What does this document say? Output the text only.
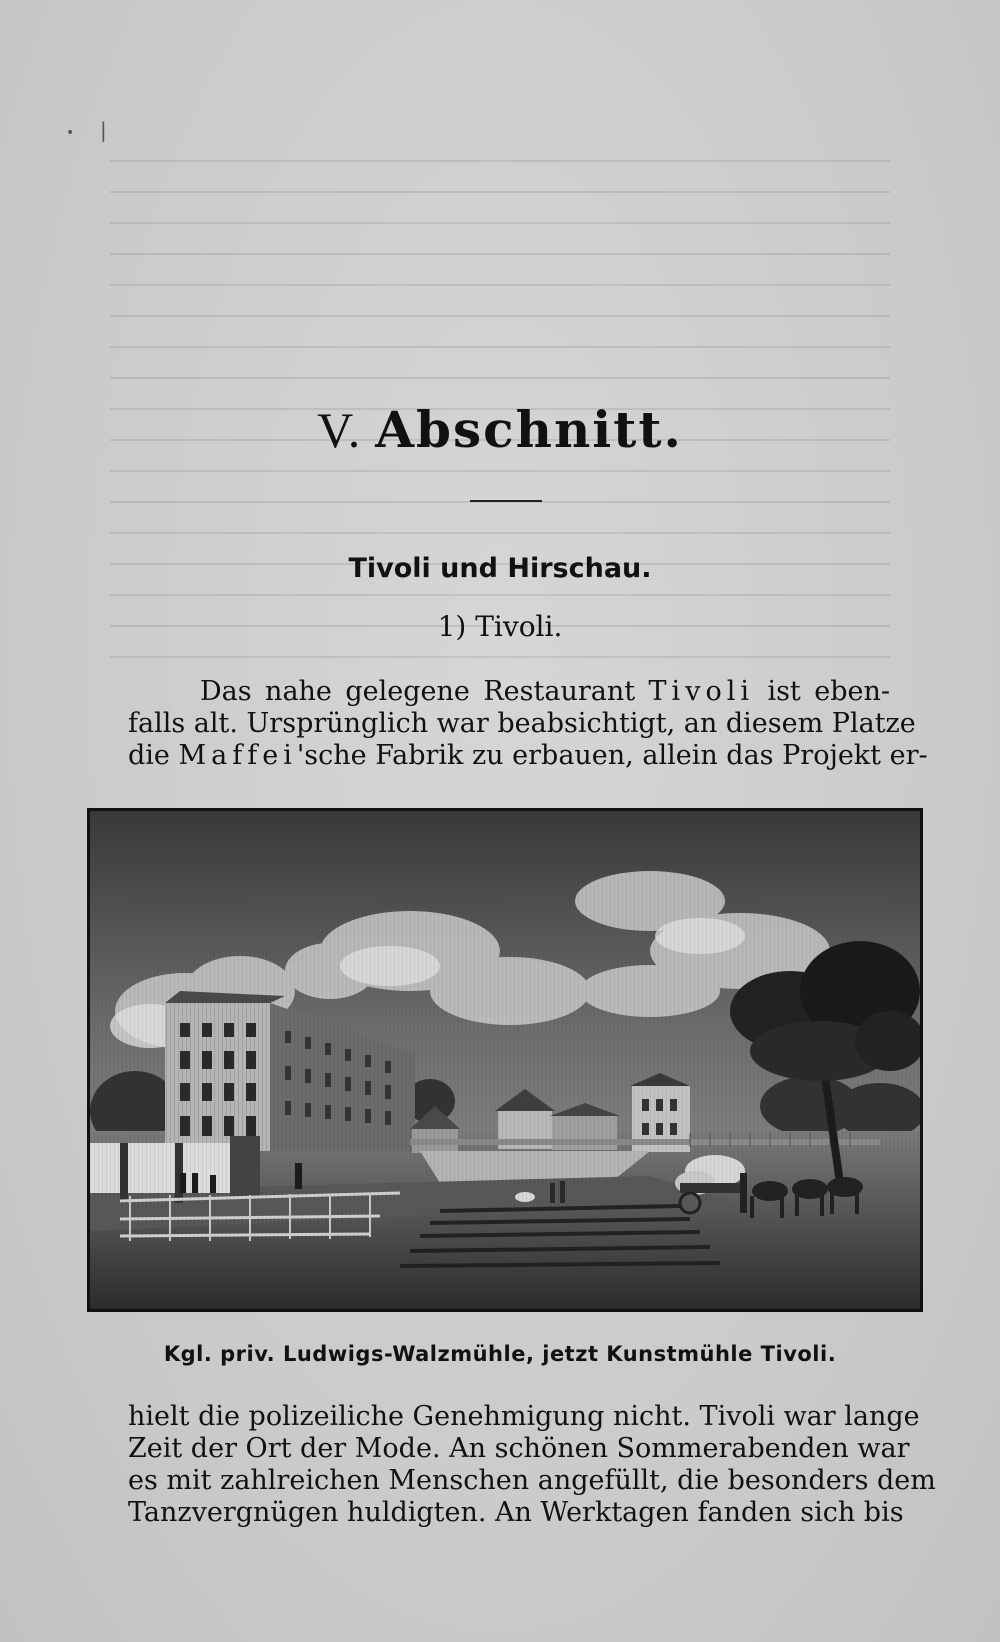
• |
V. Abschnitt.
Tivoli und Hirschau.
1) Tivoli.
Das nahe gelegene Restaurant Tivoli ist eben-
falls alt. Ursprünglich war beabsichtigt, an diesem Platze
die Maffei'sche Fabrik zu erbauen, allein das Projekt er-
Kgl. priv. Ludwigs-Walzmühle, jetzt Kunstmühle Tivoli.
hielt die polizeiliche Genehmigung nicht. Tivoli war lange
Zeit der Ort der Mode. An schönen Sommerabenden war
es mit zahlreichen Menschen angefüllt, die besonders dem
Tanzvergnügen huldigten. An Werktagen fanden sich bis
